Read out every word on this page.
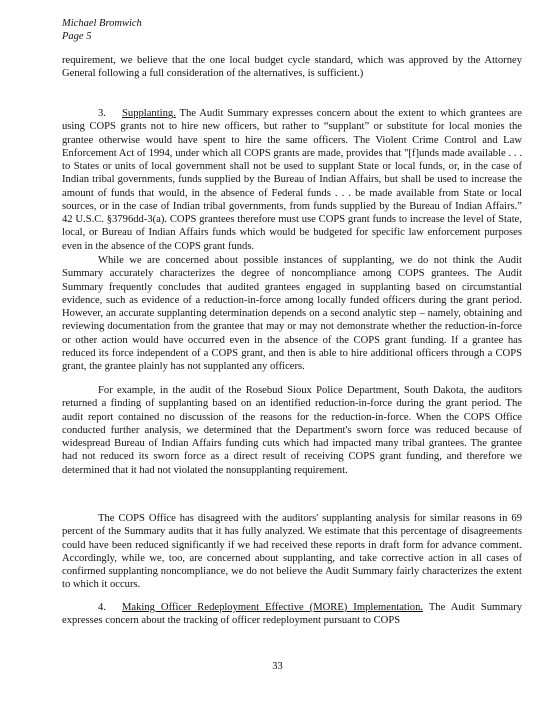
Michael Bromwich
Page 5
requirement, we believe that the one local budget cycle standard, which was approved by the Attorney General following a full consideration of the alternatives, is sufficient.)
3. Supplanting. The Audit Summary expresses concern about the extent to which grantees are using COPS grants not to hire new officers, but rather to “supplant” or substitute for local monies the grantee otherwise would have spent to hire the same officers. The Violent Crime Control and Law Enforcement Act of 1994, under which all COPS grants are made, provides that "[f]unds made available . . . to States or units of local government shall not be used to supplant State or local funds, or, in the case of Indian tribal governments, funds supplied by the Bureau of Indian Affairs, but shall be used to increase the amount of funds that would, in the absence of Federal funds . . . be made available from State or local sources, or in the case of Indian tribal governments, from funds supplied by the Bureau of Indian Affairs.” 42 U.S.C. §3796dd-3(a). COPS grantees therefore must use COPS grant funds to increase the level of State, local, or Bureau of Indian Affairs funds which would be budgeted for specific law enforcement purposes even in the absence of the COPS grant funds.
While we are concerned about possible instances of supplanting, we do not think the Audit Summary accurately characterizes the degree of noncompliance among COPS grantees. The Audit Summary frequently concludes that audited grantees engaged in supplanting based on circumstantial evidence, such as evidence of a reduction-in-force among locally funded officers during the grant period. However, an accurate supplanting determination depends on a second analytic step – namely, obtaining and reviewing documentation from the grantee that may or may not demonstrate whether the reduction-in-force or other action would have occurred even in the absence of the COPS grant funding. If a grantee has reduced its force independent of a COPS grant, and then is able to hire additional officers through a COPS grant, the grantee plainly has not supplanted any officers.
For example, in the audit of the Rosebud Sioux Police Department, South Dakota, the auditors returned a finding of supplanting based on an identified reduction-in-force during the grant period. The audit report contained no discussion of the reasons for the reduction-in-force. When the COPS Office conducted further analysis, we determined that the Department's sworn force was reduced because of widespread Bureau of Indian Affairs funding cuts which had impacted many tribal grantees. The grantee had not reduced its sworn force as a direct result of receiving COPS grant funding, and therefore we determined that it had not violated the nonsupplanting requirement.
The COPS Office has disagreed with the auditors' supplanting analysis for similar reasons in 69 percent of the Summary audits that it has fully analyzed. We estimate that this percentage of disagreements could have been reduced significantly if we had received these reports in draft form for advance comment. Accordingly, while we, too, are concerned about supplanting, and take corrective action in all cases of confirmed supplanting noncompliance, we do not believe the Audit Summary fairly characterizes the extent to which it occurs.
4. Making Officer Redeployment Effective (MORE) Implementation. The Audit Summary expresses concern about the tracking of officer redeployment pursuant to COPS
33
